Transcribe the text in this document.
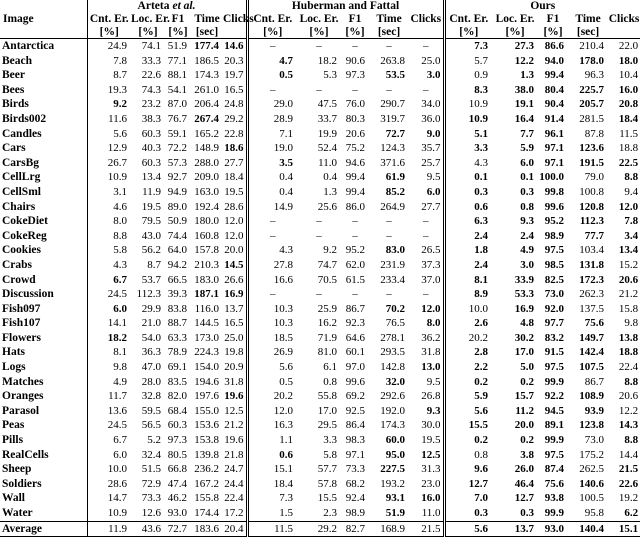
Image	Arteta et al.					Huberman and Fattal					Ours				
	Cnt. Er.	Loc. Er.	F1	Time	Clicks	Cnt. Er.	Loc. Er.	F1	Time	Clicks	Cnt. Er.	Loc. Er.	F1	Time	Clicks
	[%]	[%]	[%]	[sec]		[%]	[%]	[%]	[sec]		[%]	[%]	[%]	[sec]	
Antarctica	24.9	74.1	51.9	177.4	14.6	–	–	–	–	–	7.3	27.3	86.6	210.4	22.0
Beach	7.8	33.3	77.1	186.5	20.3	4.7	18.2	90.6	263.8	25.0	5.7	12.2	94.0	178.0	18.0
Beer	8.7	22.6	88.1	174.3	19.7	0.5	5.3	97.3	53.5	3.0	0.9	1.3	99.4	96.3	10.4
Bees	19.3	74.3	54.1	261.0	16.5	–	–	–	–	–	8.3	38.0	80.4	225.7	16.0
Birds	9.2	23.2	87.0	206.4	24.8	29.0	47.5	76.0	290.7	34.0	10.9	19.1	90.4	205.7	20.8
Birds002	11.6	38.3	76.7	267.4	29.2	28.9	33.7	80.3	319.7	36.0	10.9	16.4	91.4	281.5	18.4
Candles	5.6	60.3	59.1	165.2	22.8	7.1	19.9	20.6	72.7	9.0	5.1	7.7	96.1	87.8	11.5
Cars	12.9	40.3	72.2	148.9	18.6	19.0	52.4	75.2	124.3	35.7	3.3	5.9	97.1	123.6	18.8
CarsBg	26.7	60.3	57.3	288.0	27.7	3.5	11.0	94.6	371.6	25.7	4.3	6.0	97.1	191.5	22.5
CellLrg	10.9	13.4	92.7	209.0	18.4	0.4	0.4	99.4	61.9	9.5	0.1	0.1	100.0	79.0	8.8
CellSml	3.1	11.9	94.9	163.0	19.5	0.4	1.3	99.4	85.2	6.0	0.3	0.3	99.8	100.8	9.4
Chairs	4.6	19.5	89.0	192.4	28.6	14.9	25.6	86.0	264.9	27.7	0.6	0.8	99.6	120.8	12.0
CokeDiet	8.0	79.5	50.9	180.0	12.0	–	–	–	–	–	6.3	9.3	95.2	112.3	7.8
CokeReg	8.8	43.0	74.4	160.8	12.0	–	–	–	–	–	2.4	2.4	98.9	77.7	3.4
Cookies	5.8	56.2	64.0	157.8	20.0	4.3	9.2	95.2	83.0	26.5	1.8	4.9	97.5	103.4	13.4
Crabs	4.3	8.7	94.2	210.3	14.5	27.8	74.7	62.0	231.9	37.3	2.4	3.0	98.5	131.8	15.2
Crowd	6.7	53.7	66.5	183.0	26.6	16.6	70.5	61.5	233.4	37.0	8.1	33.9	82.5	172.3	20.6
Discussion	24.5	112.3	39.3	187.1	16.9	–	–	–	–	–	8.9	53.3	73.0	262.3	21.2
Fish097	6.0	29.9	83.8	116.0	13.7	10.3	25.9	86.7	70.2	12.0	10.0	16.9	92.0	137.5	15.8
Fish107	14.1	21.0	88.7	144.5	16.5	10.3	16.2	92.3	76.5	8.0	2.6	4.8	97.7	75.6	9.8
Flowers	18.2	54.0	63.3	173.0	25.0	18.5	71.9	64.6	278.1	36.2	20.2	30.2	83.2	149.7	13.8
Hats	8.1	36.3	78.9	224.3	19.8	26.9	81.0	60.1	293.5	31.8	2.8	17.0	91.5	142.4	18.8
Logs	9.8	47.0	69.1	154.0	20.9	5.6	6.1	97.0	142.8	13.0	2.2	5.0	97.5	107.5	22.4
Matches	4.9	28.0	83.5	194.6	31.8	0.5	0.8	99.6	32.0	9.5	0.2	0.2	99.9	86.7	8.8
Oranges	11.7	32.8	82.0	197.6	19.6	20.2	55.8	69.2	292.6	26.8	5.9	15.7	92.2	108.9	20.6
Parasol	13.6	59.5	68.4	155.0	12.5	12.0	17.0	92.5	192.0	9.3	5.6	11.2	94.5	93.9	12.2
Peas	24.5	56.5	60.3	153.6	21.2	16.3	29.5	86.4	174.3	30.0	15.5	20.0	89.1	123.8	14.3
Pills	6.7	5.2	97.3	153.8	19.6	1.1	3.3	98.3	60.0	19.5	0.2	0.2	99.9	73.0	8.8
RealCells	6.0	32.4	80.5	139.8	21.8	0.6	5.8	97.1	95.0	12.5	0.8	3.8	97.5	175.2	14.4
Sheep	10.0	51.5	66.8	236.2	24.7	15.1	57.7	73.3	227.5	31.3	9.6	26.0	87.4	262.5	21.5
Soldiers	28.6	72.9	47.4	167.2	24.4	18.4	57.8	68.2	193.2	23.0	12.7	46.4	75.6	140.6	22.6
Wall	14.7	73.3	46.2	155.8	22.4	7.3	15.5	92.4	93.1	16.0	7.0	12.7	93.8	100.5	19.2
Water	10.9	12.6	93.0	174.4	17.2	1.5	2.3	98.9	51.9	11.0	0.3	0.3	99.9	95.8	6.2
Average	11.9	43.6	72.7	183.6	20.4	11.5	29.2	82.7	168.9	21.5	5.6	13.7	93.0	140.4	15.1
